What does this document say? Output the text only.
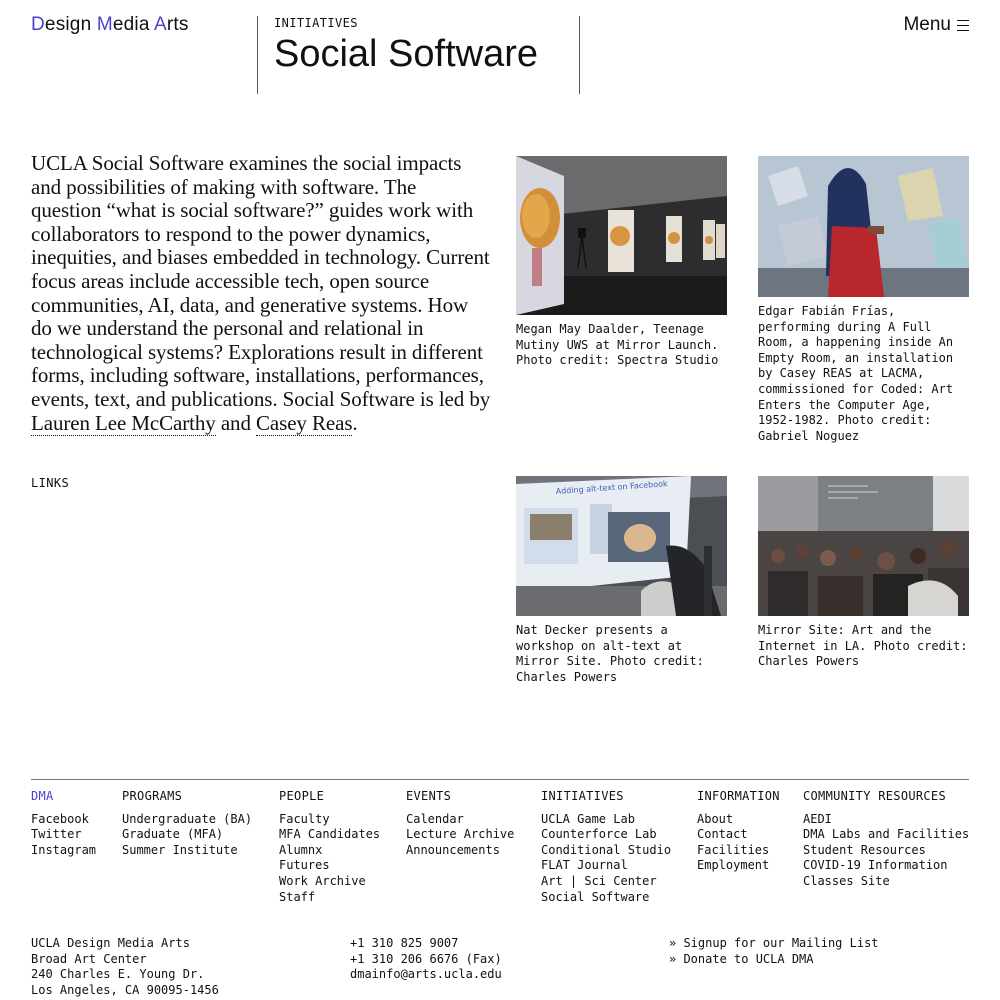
Design Media Arts	INITIATIVES
Social Software
Menu

UCLA Social Software examines the social impacts and possibilities of making with software. The question “what is social software?” guides work with collaborators to respond to the power dynamics, inequities, and biases embedded in technology. Current focus areas include accessible tech, open source communities, AI, data, and generative systems. How do we understand the personal and relational in technological systems? Explorations result in different forms, including software, installations, performances, events, text, and publications. Social Software is led by Lauren Lee McCarthy and Casey Reas.

LINKS
Megan May Daalder, Teenage Mutiny UWS at Mirror Launch. Photo credit: Spectra Studio
Edgar Fabián Frías, performing during A Full Room, a happening inside An Empty Room, an installation by Casey REAS at LACMA, commissioned for Coded: Art Enters the Computer Age, 1952-1982. Photo credit: Gabriel Noguez
Adding alt-text on Facebook
Nat Decker presents a workshop on alt-text at Mirror Site. Photo credit: Charles Powers
Mirror Site: Art and the Internet in LA. Photo credit: Charles Powers
DMA
Facebook
Twitter
Instagram
PROGRAMS
Undergraduate (BA)
Graduate (MFA)
Summer Institute
PEOPLE
Faculty
MFA Candidates
Alumnx
Futures
Work Archive
Staff
EVENTS
Calendar
Lecture Archive
Announcements
INITIATIVES
UCLA Game Lab
Counterforce Lab
Conditional Studio
FLAT Journal
Art | Sci Center
Social Software
INFORMATION
About
Contact
Facilities
Employment
COMMUNITY RESOURCES
AEDI
DMA Labs and Facilities
Student Resources
COVID-19 Information
Classes Site
UCLA Design Media Arts
Broad Art Center
240 Charles E. Young Dr.
Los Angeles, CA 90095-1456
+1 310 825 9007
+1 310 206 6676 (Fax)
dmainfo@arts.ucla.edu
» Signup for our Mailing List
» Donate to UCLA DMA
